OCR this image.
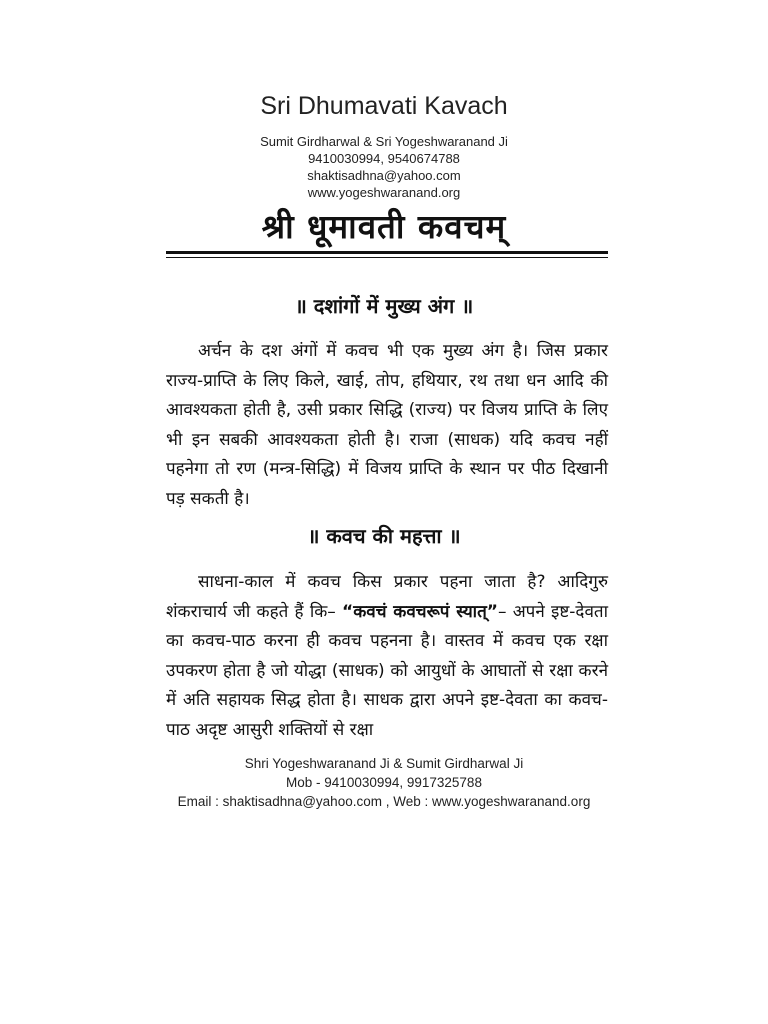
Sri Dhumavati Kavach
Sumit Girdharwal & Sri Yogeshwaranand Ji
9410030994, 9540674788
shaktisadhna@yahoo.com
www.yogeshwaranand.org
श्री धूमावती कवचम्
॥ दशांगों में मुख्य अंग ॥

अर्चन के दश अंगों में कवच भी एक मुख्य अंग है। जिस प्रकार राज्य-प्राप्ति के लिए किले, खाई, तोप, हथियार, रथ तथा धन आदि की आवश्यकता होती है, उसी प्रकार सिद्धि (राज्य) पर विजय प्राप्ति के लिए भी इन सबकी आवश्यकता होती है। राजा (साधक) यदि कवच नहीं पहनेगा तो रण (मन्त्र-सिद्धि) में विजय प्राप्ति के स्थान पर पीठ दिखानी पड़ सकती है।

॥ कवच की महत्ता ॥

साधना-काल में कवच किस प्रकार पहना जाता है? आदिगुरु शंकराचार्य जी कहते हैं कि– “कवचं कवचरूपं स्यात्”– अपने इष्ट-देवता का कवच-पाठ करना ही कवच पहनना है। वास्तव में कवच एक रक्षा उपकरण होता है जो योद्धा (साधक) को आयुधों के आघातों से रक्षा करने में अति सहायक सिद्ध होता है। साधक द्वारा अपने इष्ट-देवता का कवच-पाठ अदृष्ट आसुरी शक्तियों से रक्षा

Shri Yogeshwaranand Ji & Sumit Girdharwal Ji
Mob - 9410030994, 9917325788
Email : shaktisadhna@yahoo.com , Web : www.yogeshwaranand.org
